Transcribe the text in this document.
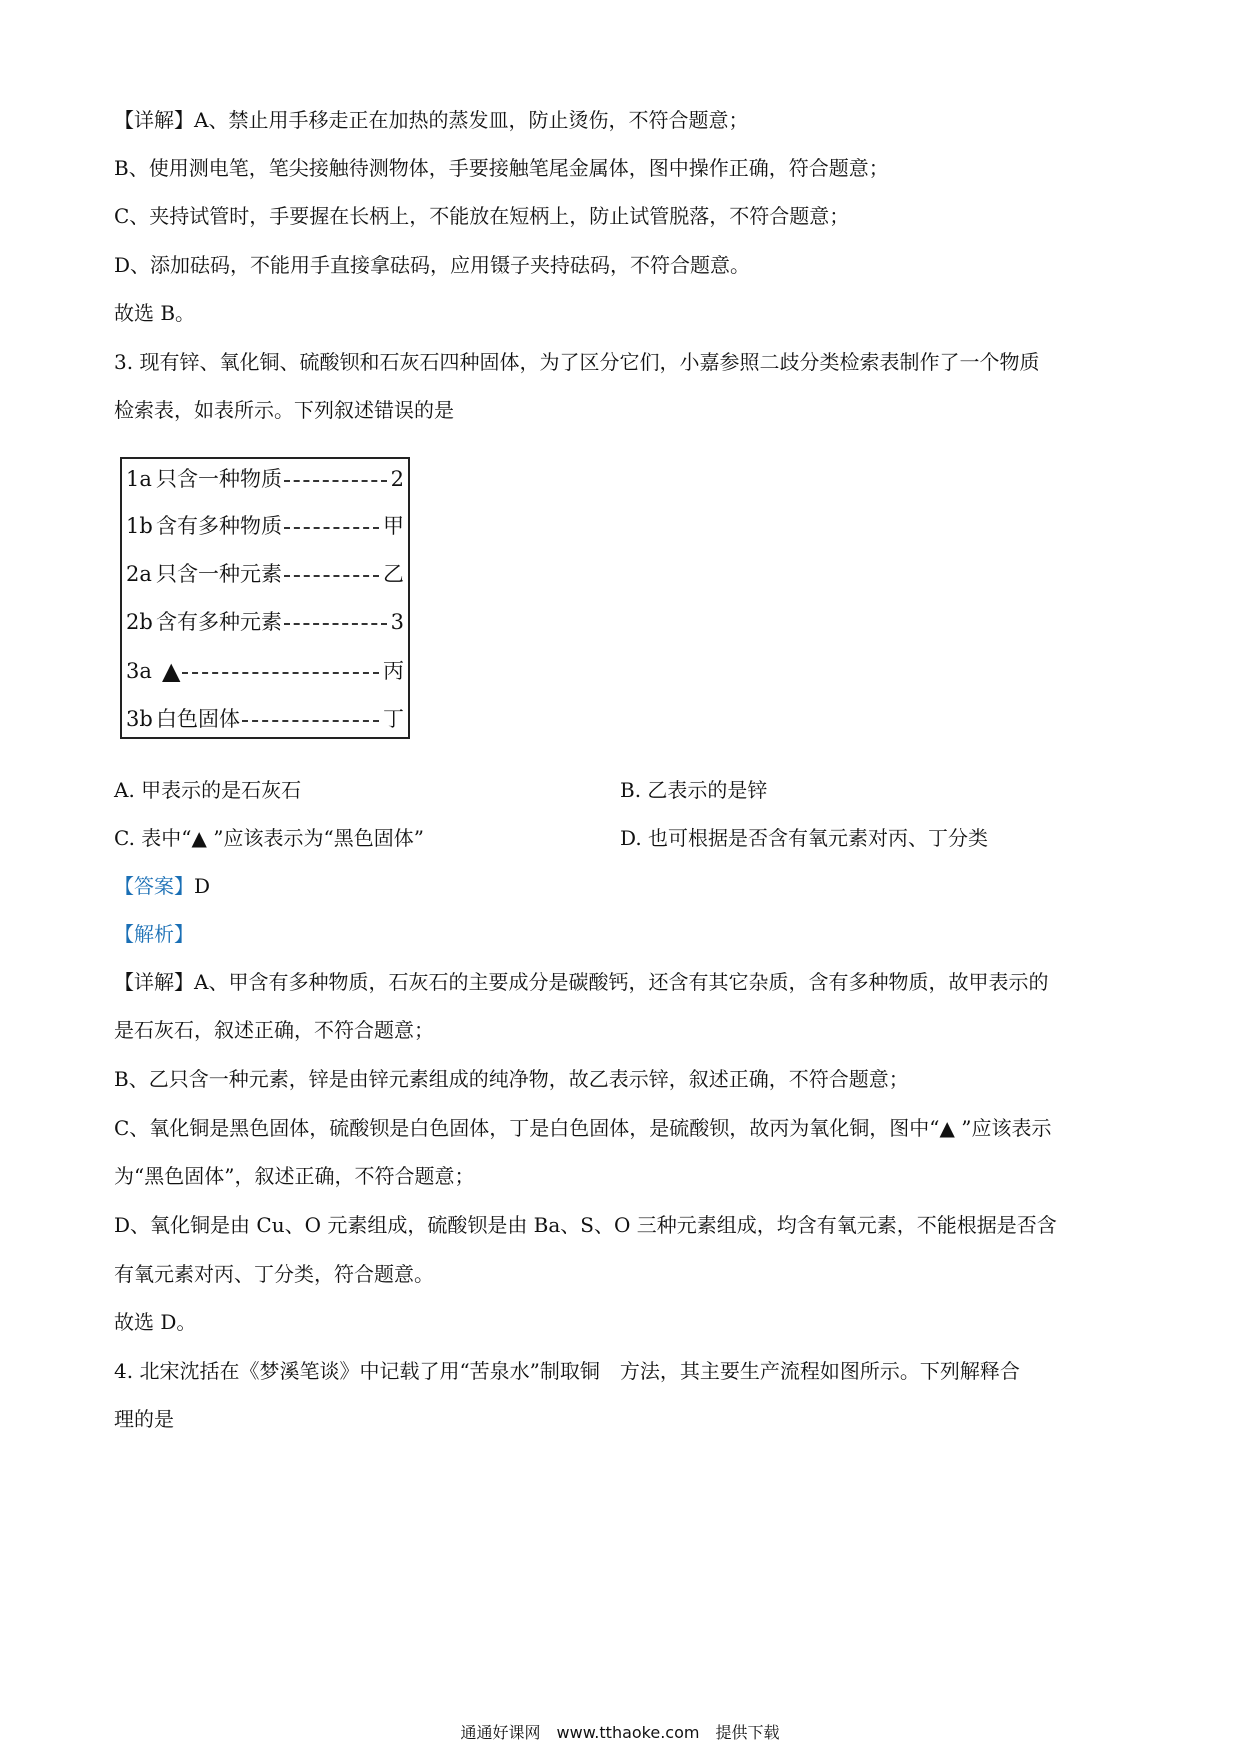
【详解】A、禁止用手移走正在加热的蒸发皿，防止烫伤，不符合题意；
B、使用测电笔，笔尖接触待测物体，手要接触笔尾金属体，图中操作正确，符合题意；
C、夹持试管时，手要握在长柄上，不能放在短柄上，防止试管脱落，不符合题意；
D、添加砝码，不能用手直接拿砝码，应用镊子夹持砝码，不符合题意。
故选 B。
3. 现有锌、氧化铜、硫酸钡和石灰石四种固体，为了区分它们，小嘉参照二歧分类检索表制作了一个物质
检索表，如表所示。下列叙述错误的是
1a 只含一种物质	2
1b 含有多种物质	甲
2a 只含一种元素	乙
2b 含有多种元素	3
3a ▲	丙
3b 白色固体	丁
A. 甲表示的是石灰石	B. 乙表示的是锌
C. 表中“▲ ”应该表示为“黑色固体”	D. 也可根据是否含有氧元素对丙、丁分类
【答案】D
【解析】
【详解】A、甲含有多种物质，石灰石的主要成分是碳酸钙，还含有其它杂质，含有多种物质，故甲表示的
是石灰石，叙述正确，不符合题意；
B、乙只含一种元素，锌是由锌元素组成的纯净物，故乙表示锌，叙述正确，不符合题意；
C、氧化铜是黑色固体，硫酸钡是白色固体，丁是白色固体，是硫酸钡，故丙为氧化铜，图中“▲ ”应该表示
为“黑色固体”，叙述正确，不符合题意；
D、氧化铜是由 Cu、O 元素组成，硫酸钡是由 Ba、S、O 三种元素组成，均含有氧元素，不能根据是否含
有氧元素对丙、丁分类，符合题意。
故选 D。
4. 北宋沈括在《梦溪笔谈》中记载了用“苦泉水”制取铜　方法，其主要生产流程如图所示。下列解释合
理的是
通通好课网　www.tthaoke.com　提供下载
